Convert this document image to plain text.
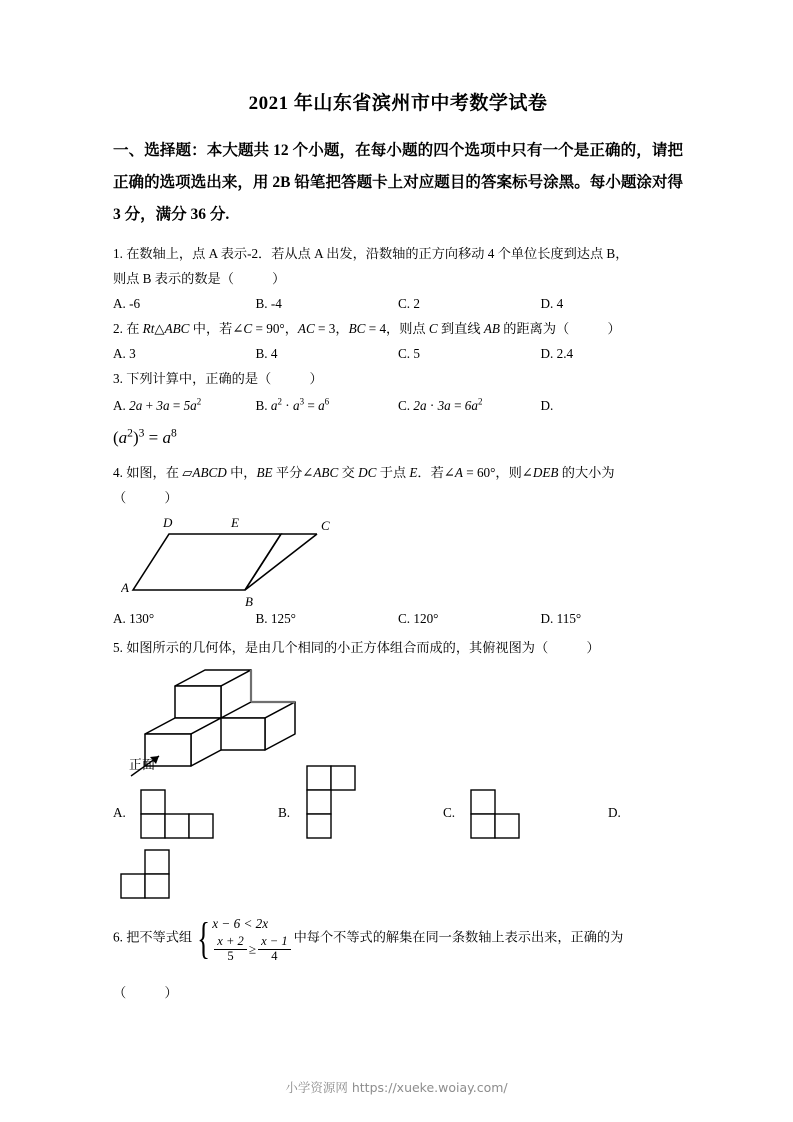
2021 年山东省滨州市中考数学试卷
一、选择题：本大题共 12 个小题，在每小题的四个选项中只有一个是正确的，请把正确的选项选出来，用 2B 铅笔把答题卡上对应题目的答案标号涂黑。每小题涂对得 3 分，满分 36 分.
1. 在数轴上，点 A 表示-2．若从点 A 出发，沿数轴的正方向移动 4 个单位长度到达点 B，
则点 B 表示的数是（	）
A. -6	B. -4	C. 2	D. 4
2. 在 Rt△ABC 中，若∠C = 90°，AC = 3，BC = 4，则点 C 到直线 AB 的距离为（	）
A. 3	B. 4	C. 5	D. 2.4
3. 下列计算中，正确的是（	）
A. $2a + 3a = 5a^2$	B. $a^2 \cdot a^3 = a^6$	C. $2a \cdot 3a = 6a^2$	D.
$(a^2)^3 = a^8$
4. 如图，在 ▱ABCD 中，BE 平分∠ABC 交 DC 于点 E．若∠A = 60°，则∠DEB 的大小为
（	）
A
B
C
D	E
A. 130°	B. 125°	C. 120°	D. 115°
5. 如图所示的几何体，是由几个相同的小正方体组合而成的，其俯视图为（	）
正面
A.	B.	C.	D.
6. 把不等式组 { x − 6 < 2x
$\frac{x + 2}{5} \ge \frac{x - 1}{4}$ 中每个不等式的解集在同一条数轴上表示出来，正确的为
（	）
小学资源网 https://xueke.woiay.com/
